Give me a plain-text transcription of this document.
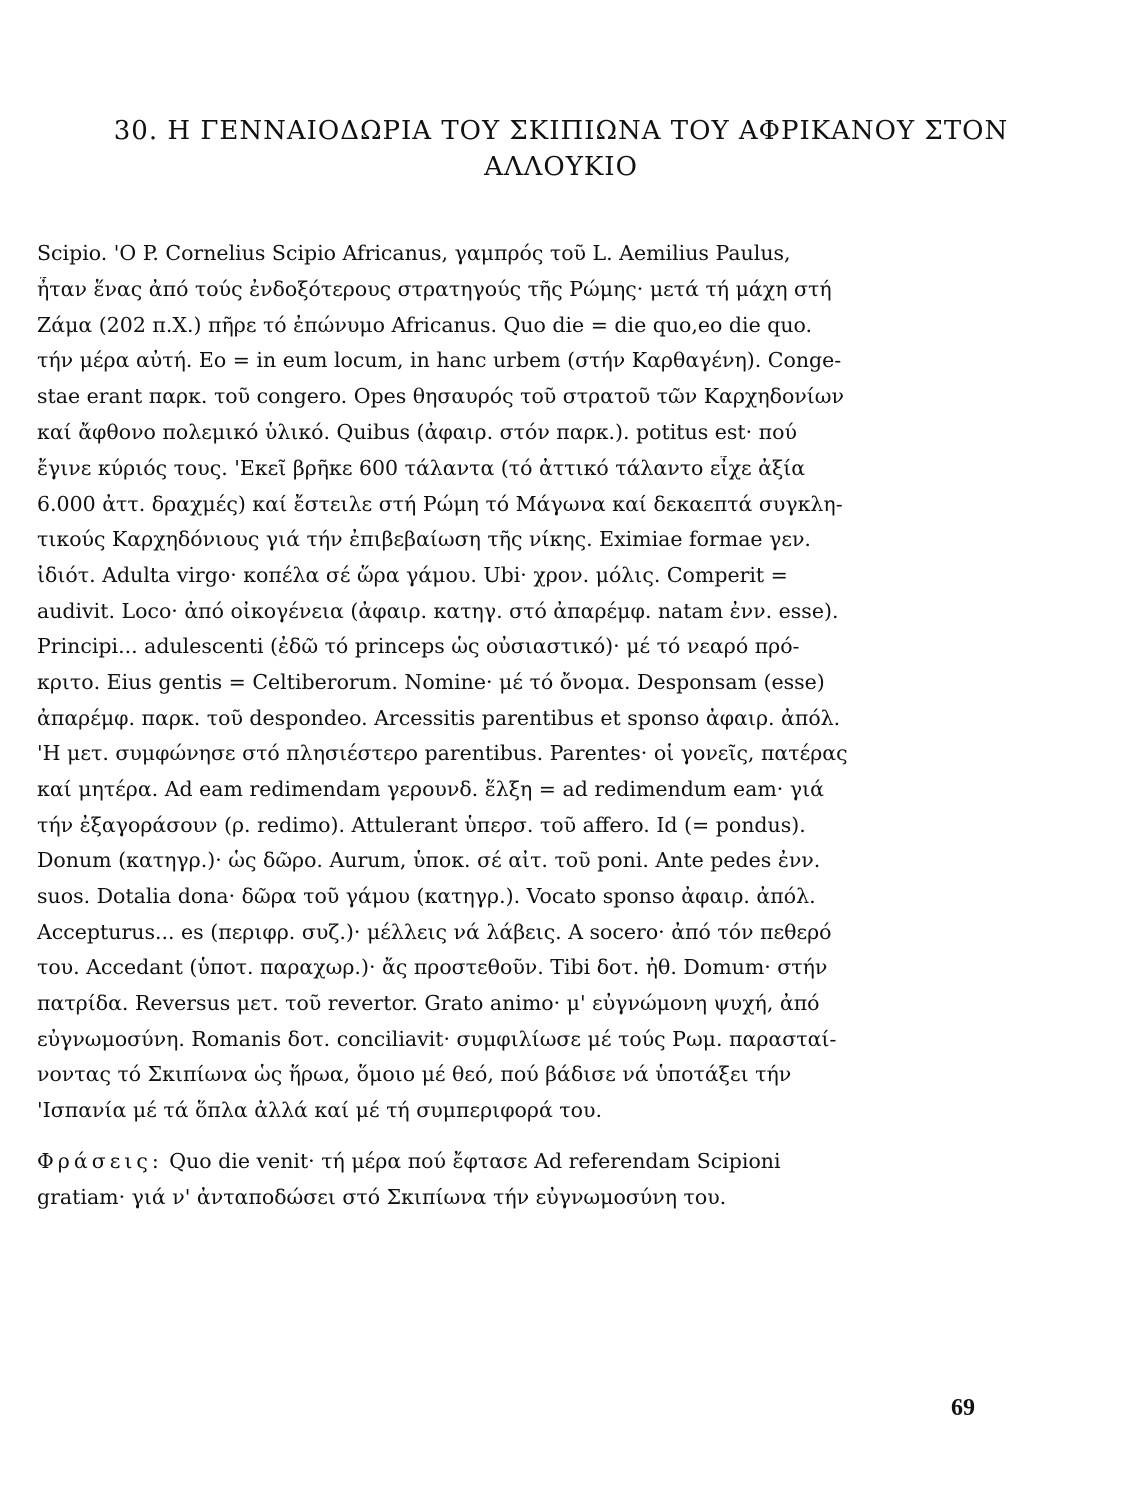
30. Η ΓΕΝΝΑΙΟΔΩΡΙΑ ΤΟΥ ΣΚΙΠΙΩΝΑ ΤΟΥ ΑΦΡΙΚΑΝΟΥ ΣΤΟΝ
ΑΛΛΟΥΚΙΟ
Scipio. 'Ο P. Cornelius Scipio Africanus, γαμπρός τοῦ L. Aemilius Paulus,
ἦταν ἕνας ἀπό τούς ἐνδοξότερους στρατηγούς τῆς Ρώμης· μετά τή μάχη στή
Ζάμα (202 π.Χ.) πῆρε τό ἐπώνυμο Africanus. Quo die = die quo,eo die quo.
τήν μέρα αὐτή. Eo = in eum locum, in hanc urbem (στήν Καρθαγένη). Conge-
stae erant παρκ. τοῦ congero. Opes θησαυρός τοῦ στρατοῦ τῶν Καρχηδονίων
καί ἄφθονο πολεμικό ὑλικό. Quibus (ἀφαιρ. στόν παρκ.). potitus est· πού
ἔγινε κύριός τους. 'Εκεῖ βρῆκε 600 τάλαντα (τό ἀττικό τάλαντο εἶχε ἀξία
6.000 ἀττ. δραχμές) καί ἔστειλε στή Ρώμη τό Μάγωνα καί δεκαεπτά συγκλη-
τικούς Καρχηδόνιους γιά τήν ἐπιβεβαίωση τῆς νίκης. Eximiae formae γεν.
ἰδιότ. Adulta virgo· κοπέλα σέ ὥρα γάμου. Ubi· χρον. μόλις. Comperit =
audivit. Loco· ἀπό οἰκογένεια (ἀφαιρ. κατηγ. στό ἀπαρέμφ. natam ἐνν. esse).
Principi... adulescenti (ἐδῶ τό princeps ὡς οὐσιαστικό)· μέ τό νεαρό πρό-
κριτο. Eius gentis = Celtiberorum. Nomine· μέ τό ὄνομα. Desponsam (esse)
ἀπαρέμφ. παρκ. τοῦ despondeo. Arcessitis parentibus et sponso ἀφαιρ. ἀπόλ.
'Η μετ. συμφώνησε στό πλησιέστερο parentibus. Parentes· οἱ γονεῖς, πατέρας
καί μητέρα. Ad eam redimendam γερουνδ. ἕλξη = ad redimendum eam· γιά
τήν ἐξαγοράσουν (ρ. redimo). Attulerant ὑπερσ. τοῦ affero. Id (= pondus).
Donum (κατηγρ.)· ὡς δῶρο. Aurum, ὑποκ. σέ αἰτ. τοῦ poni. Ante pedes ἐνν.
suos. Dotalia dona· δῶρα τοῦ γάμου (κατηγρ.). Vocato sponso ἀφαιρ. ἀπόλ.
Accepturus... es (περιφρ. συζ.)· μέλλεις νά λάβεις. A socero· ἀπό τόν πεθερό
του. Accedant (ὑποτ. παραχωρ.)· ἄς προστεθοῦν. Tibi δοτ. ἠθ. Domum· στήν
πατρίδα. Reversus μετ. τοῦ revertor. Grato animo· μ' εὐγνώμονη ψυχή, ἀπό
εὐγνωμοσύνη. Romanis δοτ. conciliavit· συμφιλίωσε μέ τούς Ρωμ. παρασταί-
νοντας τό Σκιπίωνα ὡς ἥρωα, ὅμοιο μέ θεό, πού βάδισε νά ὑποτάξει τήν
'Ισπανία μέ τά ὅπλα ἀλλά καί μέ τή συμπεριφορά του.
Φράσεις: Quo die venit· τή μέρα πού ἔφτασε Ad referendam Scipioni
gratiam· γιά ν' ἀνταποδώσει στό Σκιπίωνα τήν εὐγνωμοσύνη του.
69
